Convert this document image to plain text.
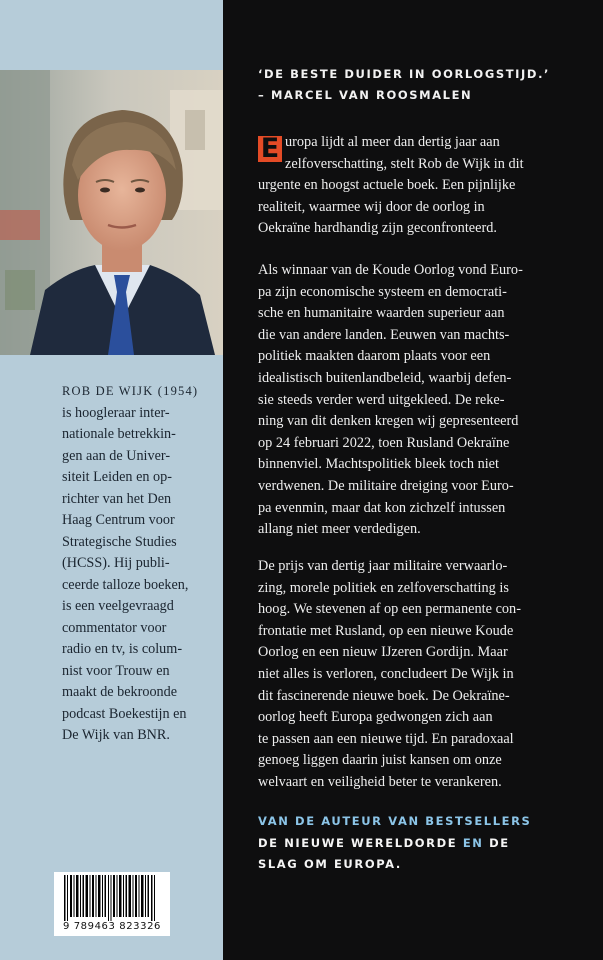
ROB DE WIJK (1954)
is hoogleraar inter-
nationale betrekkin-
gen aan de Univer-
siteit Leiden en op-
richter van het Den
Haag Centrum voor
Strategische Studies
(HCSS). Hij publi-
ceerde talloze boeken,
is een veelgevraagd
commentator voor
radio en tv, is colum-
nist voor Trouw en
maakt de bekroonde
podcast Boekestijn en
De Wijk van BNR.
9 789463 823326
‘DE BESTE DUIDER IN OORLOGSTIJD.’
– MARCEL VAN ROOSMALEN
E uropa lijdt al meer dan dertig jaar aan
zelfoverschatting, stelt Rob de Wijk in dit
urgente en hoogst actuele boek. Een pijnlijke
realiteit, waarmee wij door de oorlog in
Oekraïne hardhandig zijn geconfronteerd.
Als winnaar van de Koude Oorlog vond Euro-
pa zijn economische systeem en democrati-
sche en humanitaire waarden superieur aan
die van andere landen. Eeuwen van machts-
politiek maakten daarom plaats voor een
idealistisch buitenlandbeleid, waarbij defen-
sie steeds verder werd uitgekleed. De reke-
ning van dit denken kregen wij gepresenteerd
op 24 februari 2022, toen Rusland Oekraïne
binnenviel. Machtspolitiek bleek toch niet
verdwenen. De militaire dreiging voor Euro-
pa evenmin, maar dat kon zichzelf intussen
allang niet meer verdedigen.
De prijs van dertig jaar militaire verwaarlo-
zing, morele politiek en zelfoverschatting is
hoog. We stevenen af op een permanente con-
frontatie met Rusland, op een nieuwe Koude
Oorlog en een nieuw IJzeren Gordijn. Maar
niet alles is verloren, concludeert De Wijk in
dit fascinerende nieuwe boek. De Oekraïne-
oorlog heeft Europa gedwongen zich aan
te passen aan een nieuwe tijd. En paradoxaal
genoeg liggen daarin juist kansen om onze
welvaart en veiligheid beter te verankeren.
VAN DE AUTEUR VAN BESTSELLERS
DE NIEUWE WERELDORDE EN DE
SLAG OM EUROPA.
